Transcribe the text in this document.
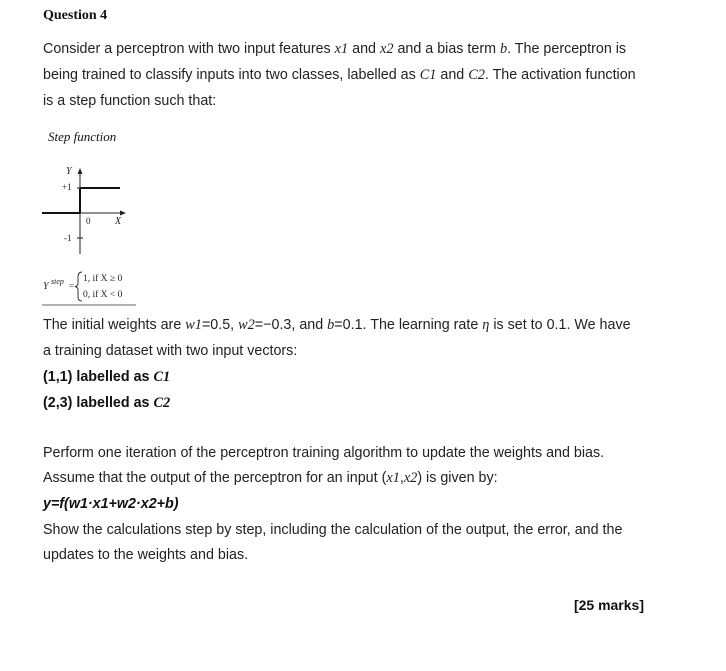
Question 4
Consider a perceptron with two input features x1 and x2 and a bias term b. The perceptron is
being trained to classify inputs into two classes, labelled as C1 and C2. The activation function
is a step function such that:
Step function
Y
+1
-1
0 X
Y step =
1, if X ≥ 0
0, if X < 0
The initial weights are w1=0.5, w2=−0.3, and b=0.1. The learning rate η is set to 0.1. We have
a training dataset with two input vectors:
(1,1) labelled as C1
(2,3) labelled as C2
Perform one iteration of the perceptron training algorithm to update the weights and bias.
Assume that the output of the perceptron for an input (x1,x2) is given by:
y=f(w1·x1+w2·x2+b)
Show the calculations step by step, including the calculation of the output, the error, and the
updates to the weights and bias.
[25 marks]
